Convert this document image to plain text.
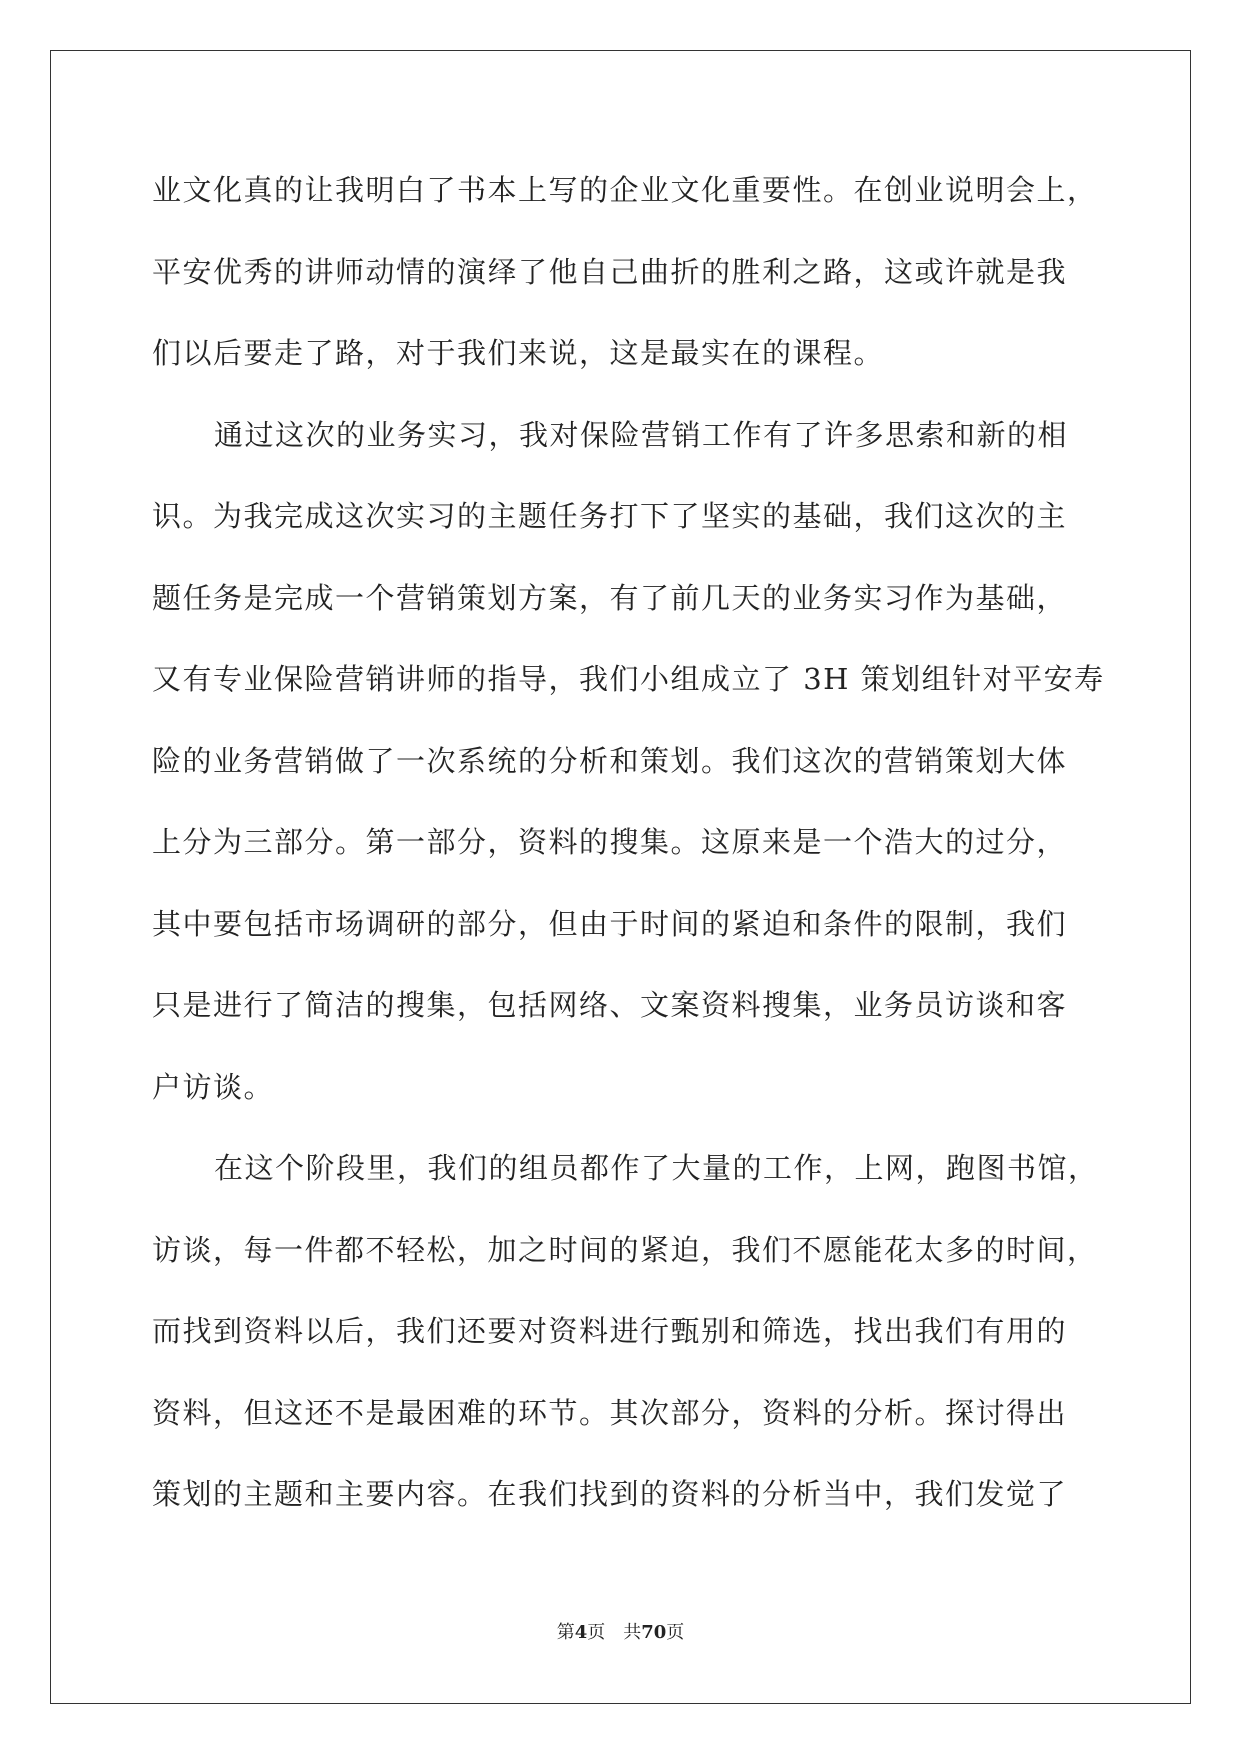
业文化真的让我明白了书本上写的企业文化重要性。在创业说明会上，
平安优秀的讲师动情的演绎了他自己曲折的胜利之路，这或许就是我
们以后要走了路，对于我们来说，这是最实在的课程。
通过这次的业务实习，我对保险营销工作有了许多思索和新的相
识。为我完成这次实习的主题任务打下了坚实的基础，我们这次的主
题任务是完成一个营销策划方案，有了前几天的业务实习作为基础，
又有专业保险营销讲师的指导，我们小组成立了 3H 策划组针对平安寿
险的业务营销做了一次系统的分析和策划。我们这次的营销策划大体
上分为三部分。第一部分，资料的搜集。这原来是一个浩大的过分，
其中要包括市场调研的部分，但由于时间的紧迫和条件的限制，我们
只是进行了简洁的搜集，包括网络、文案资料搜集，业务员访谈和客
户访谈。
在这个阶段里，我们的组员都作了大量的工作，上网，跑图书馆，
访谈，每一件都不轻松，加之时间的紧迫，我们不愿能花太多的时间，
而找到资料以后，我们还要对资料进行甄别和筛选，找出我们有用的
资料，但这还不是最困难的环节。其次部分，资料的分析。探讨得出
策划的主题和主要内容。在我们找到的资料的分析当中，我们发觉了
第4页　共70页
